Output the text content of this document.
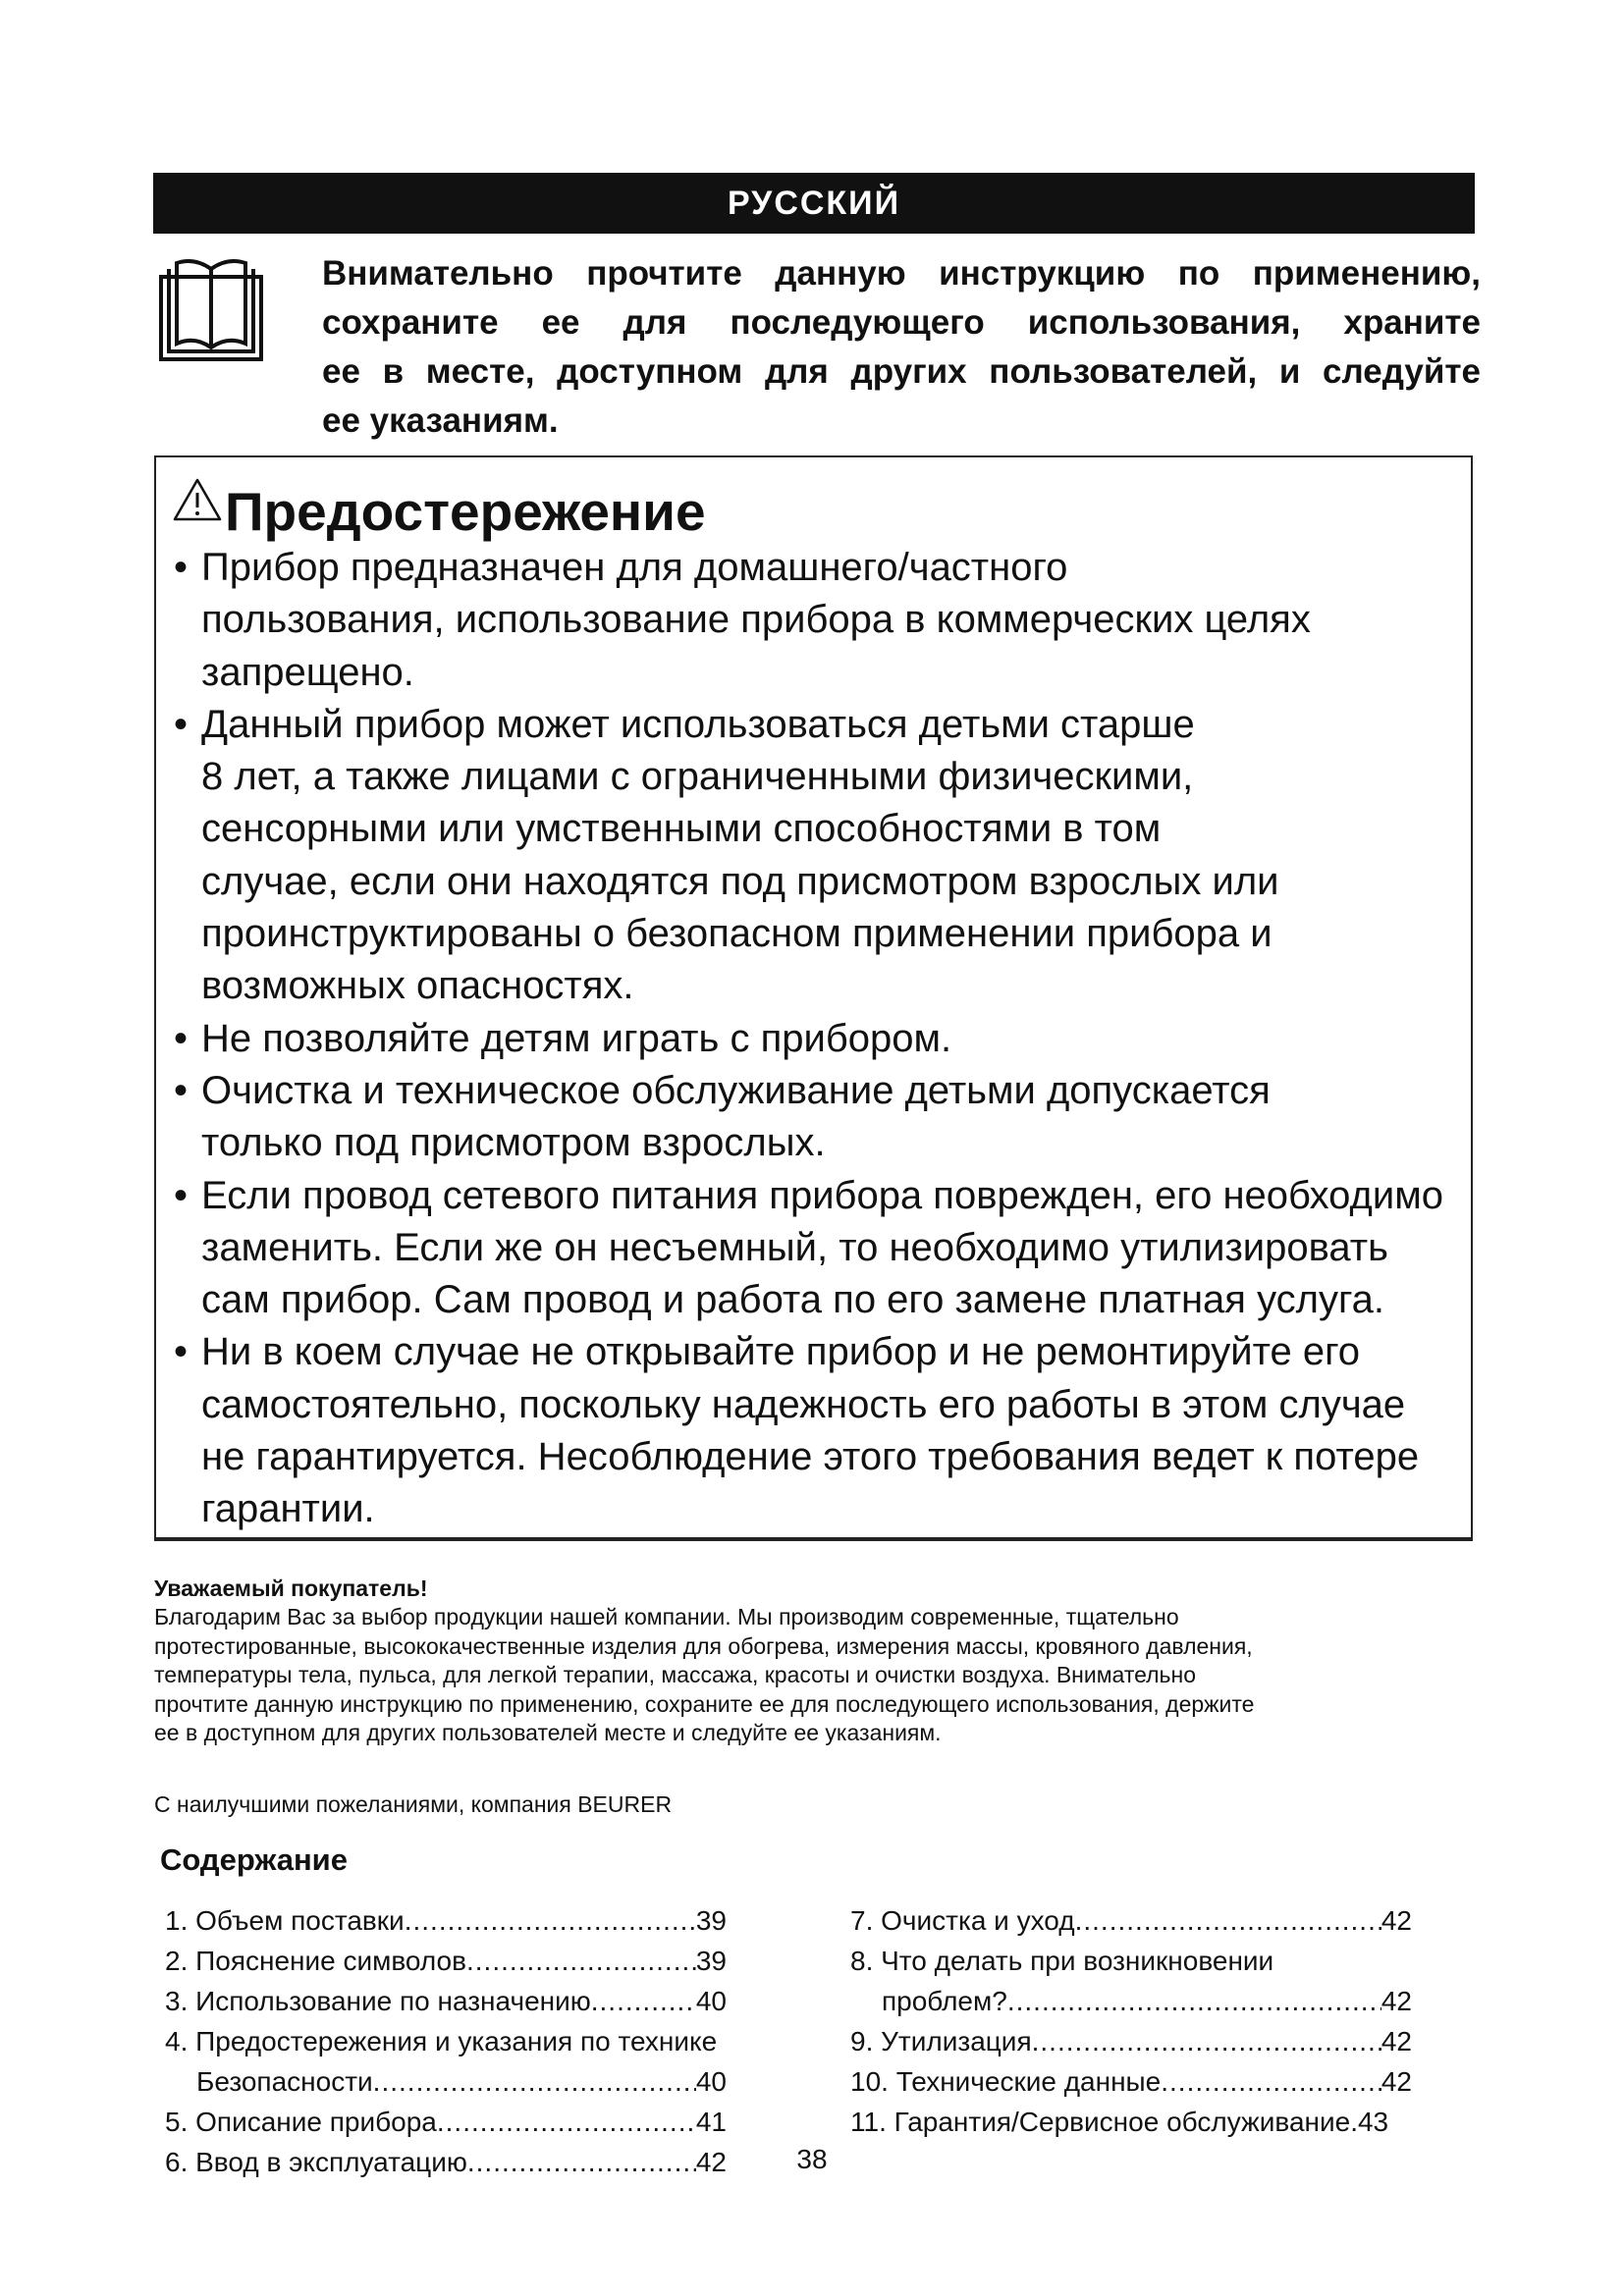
РУССКИЙ
Внимательно прочтите данную инструкцию по применению,
сохраните ее для последующего использования, храните
ее в месте, доступном для других пользователей, и следуйте
ее указаниям.
Предостережение
• Прибор предназначен для домашнего/частного
пользования, использование прибора в коммерческих целях
запрещено.
• Данный прибор может использоваться детьми старше
8 лет, а также лицами с ограниченными физическими,
сенсорными или умственными способностями в том
случае, если они находятся под присмотром взрослых или
проинструктированы о безопасном применении прибора и
возможных опасностях.
• Не позволяйте детям играть с прибором.
• Очистка и техническое обслуживание детьми допускается
только под присмотром взрослых.
• Если провод сетевого питания прибора поврежден, его необходимо
заменить. Если же он несъемный, то необходимо утилизировать
сам прибор. Сам провод и работа по его замене платная услуга.
• Ни в коем случае не открывайте прибор и не ремонтируйте его
самостоятельно, поскольку надежность его работы в этом случае
не гарантируется. Несоблюдение этого требования ведет к потере
гарантии.
Уважаемый покупатель!
Благодарим Вас за выбор продукции нашей компании. Мы производим современные, тщательно
протестированные, высококачественные изделия для обогрева, измерения массы, кровяного давления,
температуры тела, пульса, для легкой терапии, массажа, красоты и очистки воздуха. Внимательно
прочтите данную инструкцию по применению, сохраните ее для последующего использования, держите
ее в доступном для других пользователей месте и следуйте ее указаниям.
С наилучшими пожеланиями, компания BEURER
Содержание
1. Объем поставки .....	39
2. Пояснение символов .....	39
3. Использование по назначению .....	40
4. Предостережения и указания по технике
Безопасности .....	40
5. Описание прибора .....	41
6. Ввод в эксплуатацию .....	42
7. Очистка и уход .....	42
8. Что делать при возникновении
проблем? .....	42
9. Утилизация .....	42
10. Технические данные .....	42
11. Гарантия/Сервисное обслуживание .43
38
